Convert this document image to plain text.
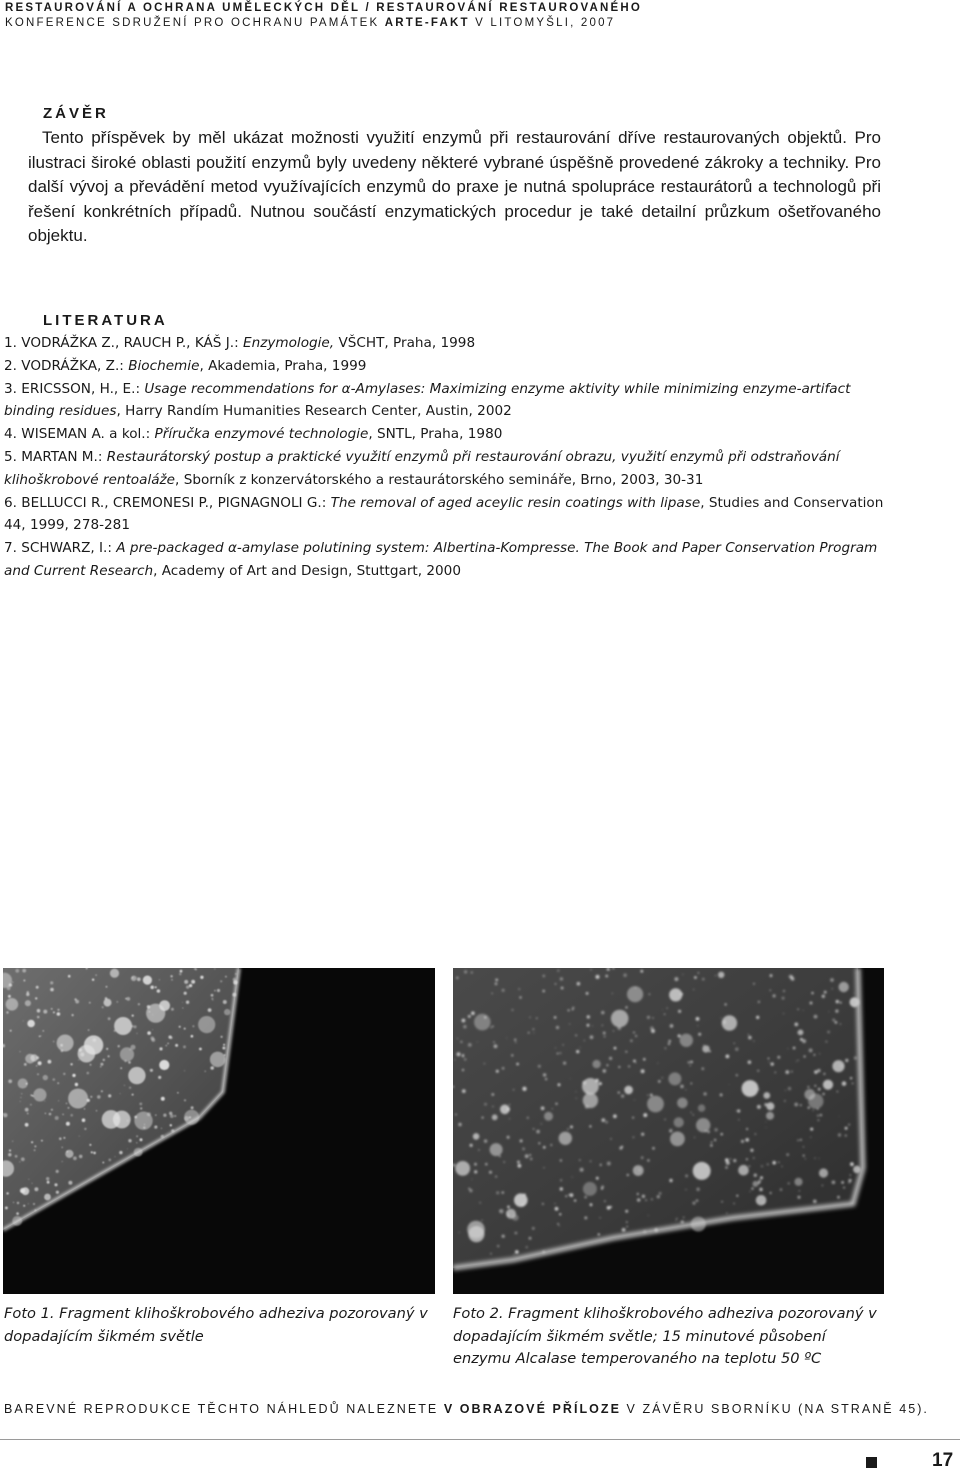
RESTAUROVÁNÍ A OCHRANA UMĚLECKÝCH DĚL / RESTAUROVÁNÍ RESTAUROVANÉHO
KONFERENCE SDRUŽENÍ PRO OCHRANU PAMÁTEK ARTE-FAKT V LITOMYŠLI, 2007
ZÁVĚR

Tento příspěvek by měl ukázat možnosti využití enzymů při restaurování dříve restaurovaných objektů. Pro ilustraci široké oblasti použití enzymů byly uvedeny některé vybrané úspěšně provedené zákroky a techniky. Pro další vývoj a převádění metod využívajících enzymů do praxe je nutná spolupráce restaurátorů a technologů při řešení konkrétních případů. Nutnou součástí enzymatických procedur je také detailní průzkum ošetřovaného objektu.

LITERATURA
1. VODRÁŽKA Z., RAUCH P., KÁŠ J.: Enzymologie, VŠCHT, Praha, 1998
2. VODRÁŽKA, Z.: Biochemie, Akademia, Praha, 1999
3. ERICSSON, H., E.: Usage recommendations for α-Amylases: Maximizing enzyme aktivity while minimizing enzyme-artifact binding residues, Harry Randím Humanities Research Center, Austin, 2002
4. WISEMAN A. a kol.: Příručka enzymové technologie, SNTL, Praha, 1980
5. MARTAN M.: Restaurátorský postup a praktické využití enzymů při restaurování obrazu, využití enzymů při odstraňování klihoškrobové rentoaláže, Sborník z konzervátorského a restaurátorského semináře, Brno, 2003, 30-31
6. BELLUCCI R., CREMONESI P., PIGNAGNOLI G.: The removal of aged aceylic resin coatings with lipase, Studies and Conservation 44, 1999, 278-281
7. SCHWARZ, I.: A pre-packaged α-amylase polutining system: Albertina-Kompresse. The Book and Paper Conservation Program and Current Research, Academy of Art and Design, Stuttgart, 2000

Foto 1. Fragment klihoškrobového adheziva pozorovaný v dopadajícím šikmém světle

Foto 2. Fragment klihoškrobového adheziva pozorovaný v dopadajícím šikmém světle; 15 minutové působení enzymu Alcalase temperovaného na teplotu 50 ºC

BAREVNÉ REPRODUKCE TĚCHTO NÁHLEDŮ NALEZNETE V OBRAZOVÉ PŘÍLOZE V ZÁVĚRU SBORNÍKU (NA STRANĚ 45).
17
